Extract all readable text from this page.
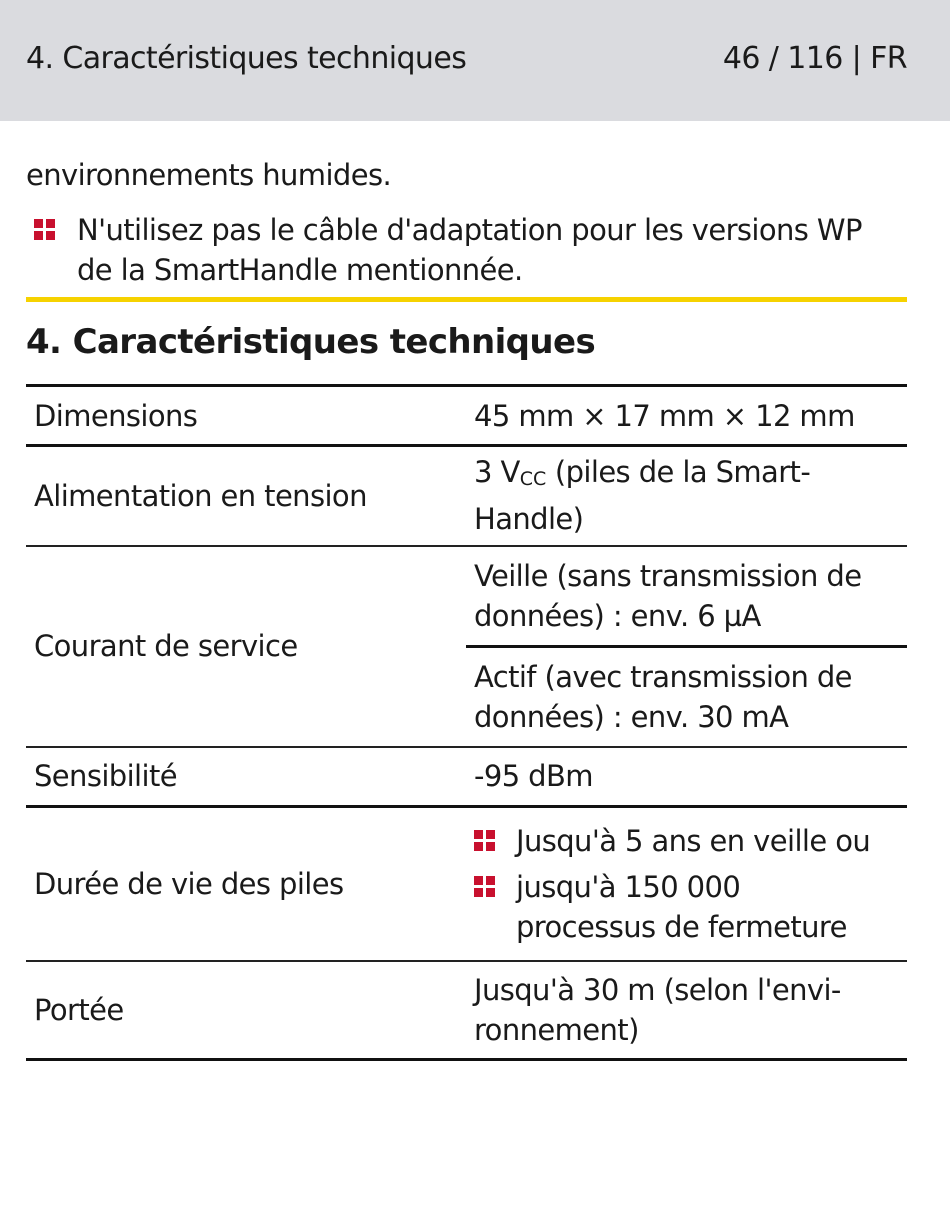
4. Caractéristiques techniques	46 / 116 | FR
environnements humides.
N'utilisez pas le câble d'adaptation pour les versions WP
de la SmartHandle mentionnée.
4. Caractéristiques techniques
Dimensions	45 mm × 17 mm × 12 mm
Alimentation en tension	3 VCC (piles de la Smart-
Handle)

Courant de service	Veille (sans transmission de
données) : env. 6 µA

	Actif (avec transmission de
données) : env. 30 mA

Sensibilité	-95 dBm
Durée de vie des piles	Jusqu'à 5 ans en veille ou
jusqu'à 150 000
processus de fermeture

Portée	Jusqu'à 30 m (selon l'envi-
ronnement)
